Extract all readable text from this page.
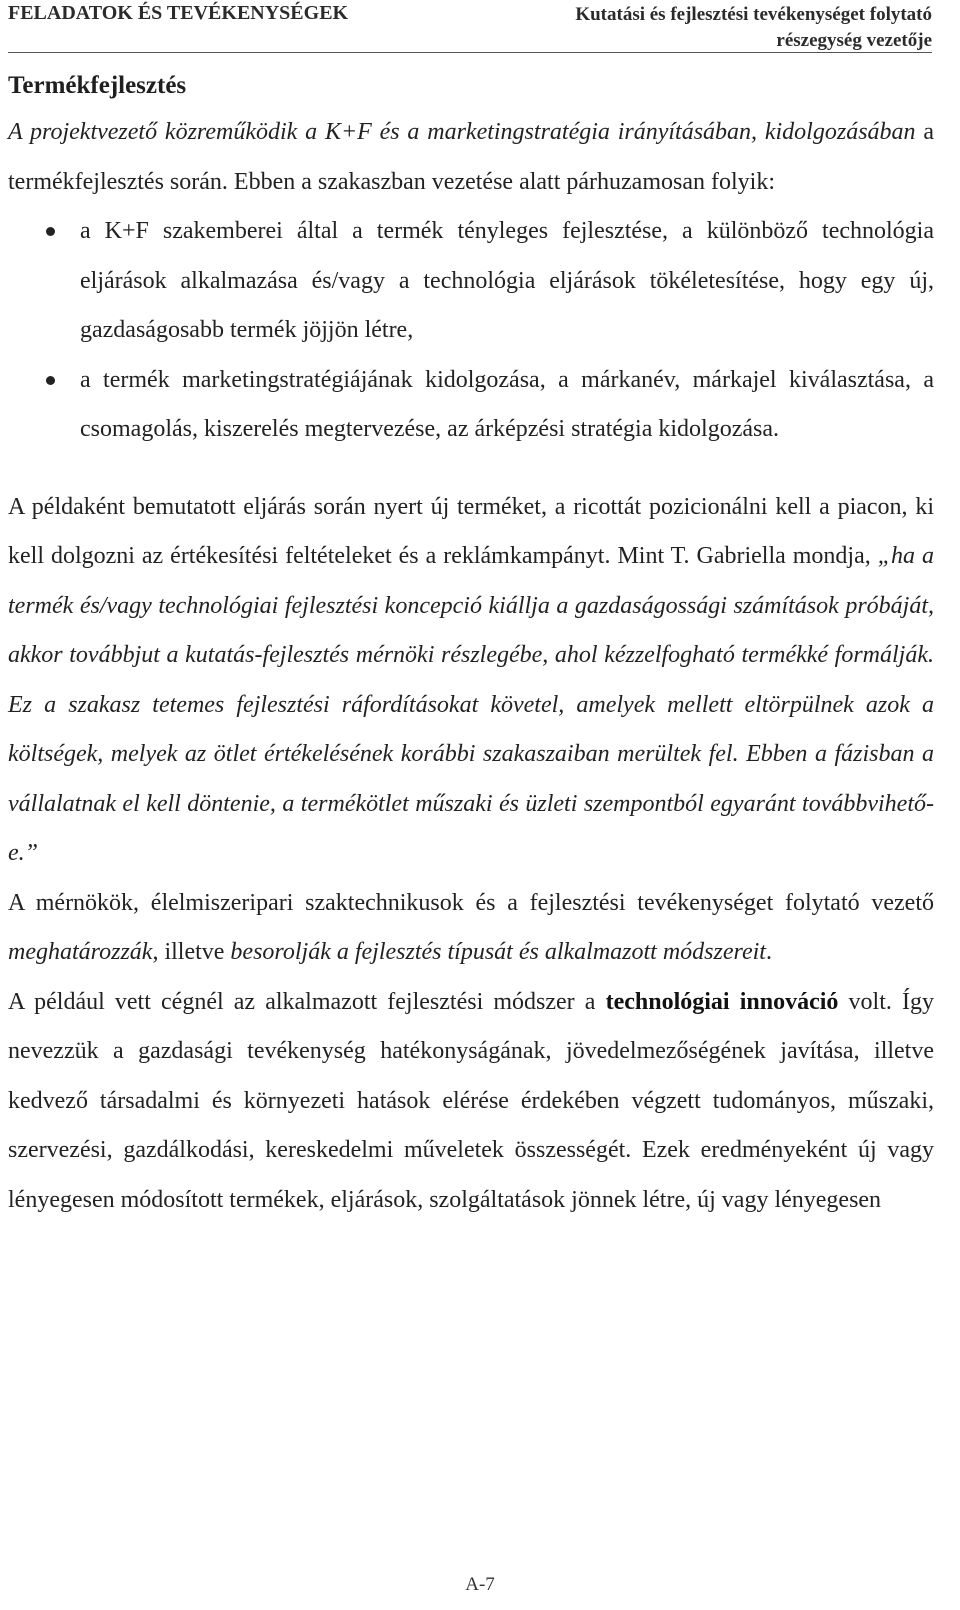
FELADATOK ÉS TEVÉKENYSÉGEK	Kutatási és fejlesztési tevékenységet folytató
részegység vezetője
Termékfejlesztés

A projektvezető közreműködik a K+F és a marketingstratégia irányításában, kidolgozásában a termékfejlesztés során. Ebben a szakaszban vezetése alatt párhuzamosan folyik:

a K+F szakemberei által a termék tényleges fejlesztése, a különböző technológia eljárások alkalmazása és/vagy a technológia eljárások tökéletesítése, hogy egy új, gazdaságosabb termék jöjjön létre,
a termék marketingstratégiájának kidolgozása, a márkanév, márkajel kiválasztása, a csomagolás, kiszerelés megtervezése, az árképzési stratégia kidolgozása.

A példaként bemutatott eljárás során nyert új terméket, a ricottát pozicionálni kell a piacon, ki kell dolgozni az értékesítési feltételeket és a reklámkampányt. Mint T. Gabriella mondja, „ha a termék és/vagy technológiai fejlesztési koncepció kiállja a gazdaságossági számítások próbáját, akkor továbbjut a kutatás-fejlesztés mérnöki részlegébe, ahol kézzelfogható termékké formálják. Ez a szakasz tetemes fejlesztési ráfordításokat követel, amelyek mellett eltörpülnek azok a költségek, melyek az ötlet értékelésének korábbi szakaszaiban merültek fel. Ebben a fázisban a vállalatnak el kell döntenie, a termékötlet műszaki és üzleti szempontból egyaránt továbbvihető-e.”

A mérnökök, élelmiszeripari szaktechnikusok és a fejlesztési tevékenységet folytató vezető meghatározzák, illetve besorolják a fejlesztés típusát és alkalmazott módszereit.

A például vett cégnél az alkalmazott fejlesztési módszer a technológiai innováció volt. Így nevezzük a gazdasági tevékenység hatékonyságának, jövedelmezőségének javítása, illetve kedvező társadalmi és környezeti hatások elérése érdekében végzett tudományos, műszaki, szervezési, gazdálkodási, kereskedelmi műveletek összességét. Ezek eredményeként új vagy lényegesen módosított termékek, eljárások, szolgáltatások jönnek létre, új vagy lényegesen

A-7
